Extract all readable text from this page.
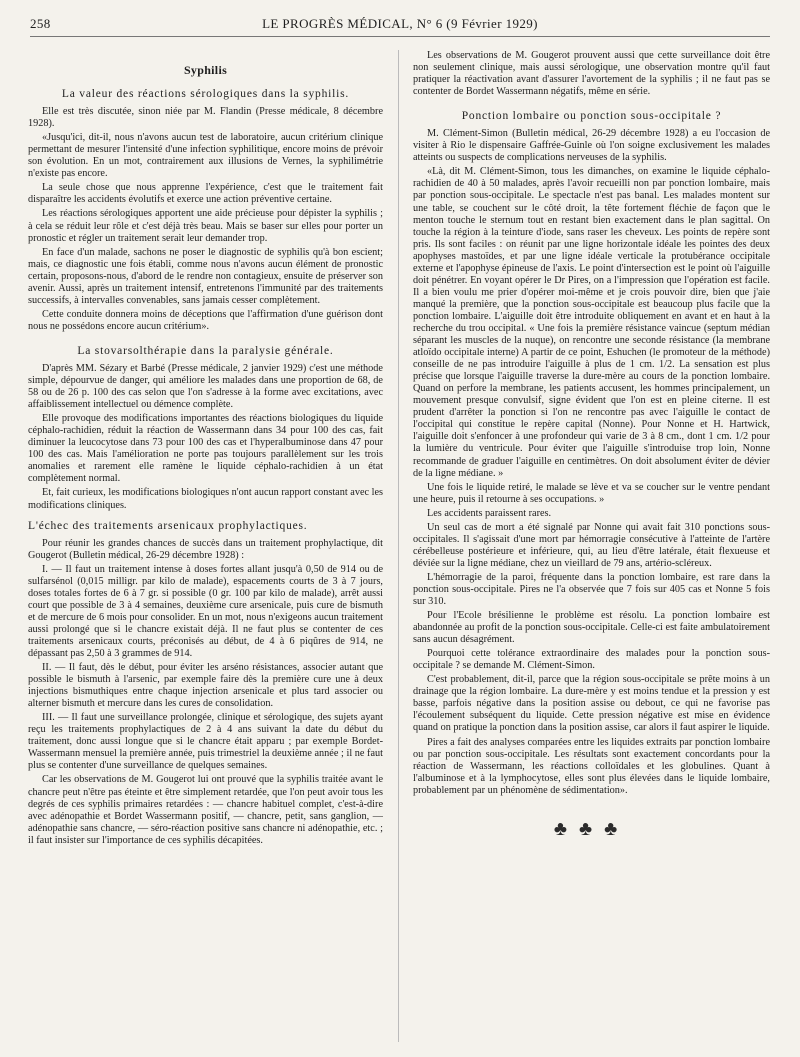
258	LE PROGRÈS MÉDICAL, N° 6 (9 Février 1929)
Syphilis
La valeur des réactions sérologiques dans la syphilis.

Elle est très discutée, sinon niée par M. Flandin (Presse médicale, 8 décembre 1928).

«Jusqu'ici, dit-il, nous n'avons aucun test de laboratoire, aucun critérium clinique permettant de mesurer l'intensité d'une infection syphilitique, encore moins de prévoir son évolution. En un mot, contrairement aux illusions de Vernes, la syphilimétrie n'existe pas encore.

La seule chose que nous apprenne l'expérience, c'est que le traitement fait disparaître les accidents évolutifs et exerce une action préventive certaine.

Les réactions sérologiques apportent une aide précieuse pour dépister la syphilis ; à cela se réduit leur rôle et c'est déjà très beau. Mais se baser sur elles pour porter un pronostic et régler un traitement serait leur demander trop.

En face d'un malade, sachons ne poser le diagnostic de syphilis qu'à bon escient; mais, ce diagnostic une fois établi, comme nous n'avons aucun élément de pronostic certain, proposons-nous, d'abord de le rendre non contagieux, ensuite de préserver son avenir. Aussi, après un traitement intensif, entretenons l'immunité par des traitements successifs, à intervalles convenables, sans jamais cesser complètement.

Cette conduite donnera moins de déceptions que l'affirmation d'une guérison dont nous ne possédons encore aucun critérium».

La stovarsolthérapie dans la paralysie générale.

D'après MM. Sézary et Barbé (Presse médicale, 2 janvier 1929) c'est une méthode simple, dépourvue de danger, qui améliore les malades dans une proportion de 68, de 58 ou de 26 p. 100 des cas selon que l'on s'adresse à la forme avec excitations, avec affaiblissement intellectuel ou démence complète.

Elle provoque des modifications importantes des réactions biologiques du liquide céphalo-rachidien, réduit la réaction de Wassermann dans 34 pour 100 des cas, fait diminuer la leucocytose dans 73 pour 100 des cas et l'hyperalbuminose dans 47 pour 100 des cas. Mais l'amélioration ne porte pas toujours parallèlement sur les trois anomalies et rarement elle ramène le liquide céphalo-rachidien à un état complètement normal.

Et, fait curieux, les modifications biologiques n'ont aucun rapport constant avec les modifications cliniques.

L'échec des traitements arsenicaux prophylactiques.

Pour réunir les grandes chances de succès dans un traitement prophylactique, dit Gougerot (Bulletin médical, 26-29 décembre 1928) :

I. — Il faut un traitement intense à doses fortes allant jusqu'à 0,50 de 914 ou de sulfarsénol (0,015 milligr. par kilo de malade), espacements courts de 3 à 7 jours, doses totales fortes de 6 à 7 gr. si possible (0 gr. 100 par kilo de malade), arrêt aussi court que possible de 3 à 4 semaines, deuxième cure arsenicale, puis cure de bismuth et de mercure de 6 mois pour consolider. En un mot, nous n'exigeons aucun traitement aussi prolongé que si le chancre existait déjà. Il ne faut plus se contenter de ces traitements arsenicaux courts, préconisés au début, de 4 à 6 piqûres de 914, ne dépassant pas 2,50 à 3 grammes de 914.

II. — Il faut, dès le début, pour éviter les arséno résistances, associer autant que possible le bismuth à l'arsenic, par exemple faire dès la première cure une à deux injections bismuthiques entre chaque injection arsenicale et plus tard associer ou alterner bismuth et mercure dans les cures de consolidation.

III. — Il faut une surveillance prolongée, clinique et sérologique, des sujets ayant reçu les traitements prophylactiques de 2 à 4 ans suivant la date du début du traitement, donc aussi longue que si le chancre était apparu ; par exemple Bordet-Wassermann mensuel la première année, puis trimestriel la deuxième année ; il ne faut plus se contenter d'une surveillance de quelques semaines.

Car les observations de M. Gougerot lui ont prouvé que la syphilis traitée avant le chancre peut n'être pas éteinte et être simplement retardée, que l'on peut avoir tous les degrés de ces syphilis primaires retardées : — chancre habituel complet, c'est-à-dire avec adénopathie et Bordet Wassermann positif, — chancre, petit, sans ganglion, — adénopathie sans chancre, — séro-réaction positive sans chancre ni adénopathie, etc. ; il faut insister sur l'importance de ces syphilis décapitées.

Les observations de M. Gougerot prouvent aussi que cette surveillance doit être non seulement clinique, mais aussi sérologique, une observation montre qu'il faut pratiquer la réactivation avant d'assurer l'avortement de la syphilis ; il ne faut pas se contenter de Bordet Wassermann négatifs, même en série.

Ponction lombaire ou ponction sous-occipitale ?

M. Clément-Simon (Bulletin médical, 26-29 décembre 1928) a eu l'occasion de visiter à Rio le dispensaire Gaffrée-Guinle où l'on soigne exclusivement les malades atteints ou suspects de complications nerveuses de la syphilis.

«Là, dit M. Clément-Simon, tous les dimanches, on examine le liquide céphalo-rachidien de 40 à 50 malades, après l'avoir recueilli non par ponction lombaire, mais par ponction sous-occipitale. Le spectacle n'est pas banal. Les malades montent sur une table, se couchent sur le côté droit, la tête fortement fléchie de façon que le menton touche le sternum tout en restant bien exactement dans le plan sagittal. On touche la région à la teinture d'iode, sans raser les cheveux. Les points de repère sont pris. Ils sont faciles : on réunit par une ligne horizontale idéale les pointes des deux apophyses mastoïdes, et par une ligne idéale verticale la protubérance occipitale externe et l'apophyse épineuse de l'axis. Le point d'intersection est le point où l'aiguille doit pénétrer. En voyant opérer le Dr Pires, on a l'impression que l'opération est facile. Il a bien voulu me prier d'opérer moi-même et je crois pouvoir dire, bien que j'aie manqué la première, que la ponction sous-occipitale est beaucoup plus facile que la ponction lombaire. L'aiguille doit être introduite obliquement en avant et en haut à la recherche du trou occipital. « Une fois la première résistance vaincue (septum médian séparant les muscles de la nuque), on rencontre une seconde résistance (la membrane atloïdo occipitale interne) A partir de ce point, Eshuchen (le promoteur de la méthode) conseille de ne pas introduire l'aiguille à plus de 1 cm. 1/2. La sensation est plus précise que lorsque l'aiguille traverse la dure-mère au cours de la ponction lombaire. Quand on perfore la membrane, les patients accusent, les hommes principalement, un mouvement presque convulsif, signe évident que l'on est en pleine citerne. Il est prudent d'arrêter la ponction si l'on ne rencontre pas avec l'aiguille le contact de l'occipital qui constitue le repère capital (Nonne). Pour Nonne et H. Hartwick, l'aiguille doit s'enfoncer à une profondeur qui varie de 3 à 8 cm., dont 1 cm. 1/2 pour la lumière du ventricule. Pour éviter que l'aiguille s'introduise trop loin, Nonne recommande de graduer l'aiguille en centimètres. On doit absolument éviter de dévier de la ligne médiane. »

Une fois le liquide retiré, le malade se lève et va se coucher sur le ventre pendant une heure, puis il retourne à ses occupations. »

Les accidents paraissent rares.

Un seul cas de mort a été signalé par Nonne qui avait fait 310 ponctions sous-occipitales. Il s'agissait d'une mort par hémorragie consécutive à l'atteinte de l'artère cérébelleuse postérieure et inférieure, qui, au lieu d'être latérale, était flexueuse et déviée sur la ligne médiane, chez un vieillard de 79 ans, artério-scléreux.

L'hémorragie de la paroi, fréquente dans la ponction lombaire, est rare dans la ponction sous-occipitale. Pires ne l'a observée que 7 fois sur 405 cas et Nonne 5 fois sur 310.

Pour l'Ecole brésilienne le problème est résolu. La ponction lombaire est abandonnée au profit de la ponction sous-occipitale. Celle-ci est faite ambulatoirement sans aucun désagrément.

Pourquoi cette tolérance extraordinaire des malades pour la ponction sous-occipitale ? se demande M. Clément-Simon.

C'est probablement, dit-il, parce que la région sous-occipitale se prête moins à un drainage que la région lombaire. La dure-mère y est moins tendue et la pression y est basse, parfois négative dans la position assise ou debout, ce qui ne favorise pas l'écoulement subséquent du liquide. Cette pression négative est mise en évidence quand on pratique la ponction dans la position assise, car alors il faut aspirer le liquide.

Pires a fait des analyses comparées entre les liquides extraits par ponction lombaire ou par ponction sous-occipitale. Les résultats sont exactement concordants pour la réaction de Wassermann, les réactions colloïdales et les globulines. Quant à l'albuminose et à la lymphocytose, elles sont plus élevées dans le liquide lombaire, probablement par un phénomène de sédimentation».

♣♣♣
